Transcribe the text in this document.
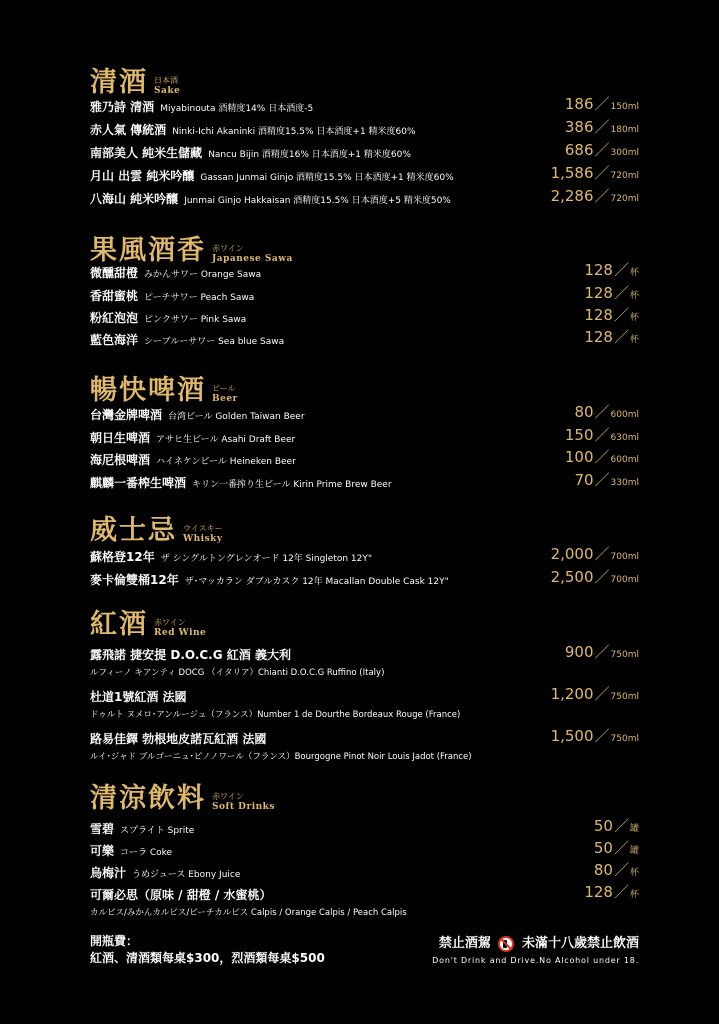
清酒 日本酒
Sake
雅乃詩 清酒 Miyabinouta 酒精度14% 日本酒度-5	186／150ml
赤人氣 傳統酒 Ninki-Ichi Akaninki 酒精度15.5% 日本酒度+1 精米度60%	386／180ml
南部美人 純米生儲藏 Nancu Bijin 酒精度16% 日本酒度+1 精米度60%	686／300ml
月山 出雲 純米吟釀 Gassan Junmai Ginjo 酒精度15.5% 日本酒度+1 精米度60%	1,586／720ml
八海山 純米吟釀 Junmai Ginjo Hakkaisan 酒精度15.5% 日本酒度+5 精米度50%	2,286／720ml
果風酒香 赤ワイン
Japanese Sawa
微醺甜橙 みかんサワー Orange Sawa	128／杯
香甜蜜桃 ピーチサワー Peach Sawa	128／杯
粉紅泡泡 ピンクサワー Pink Sawa	128／杯
藍色海洋 シーブルーサワー Sea blue Sawa	128／杯
暢快啤酒 ビール
Beer
台灣金牌啤酒 台湾ビール Golden Taiwan Beer	80／600ml
朝日生啤酒 アサヒ生ビール Asahi Draft Beer	150／630ml
海尼根啤酒 ハイネケンビール Heineken Beer	100／600ml
麒麟一番榨生啤酒 キリン一番搾り生ビール Kirin Prime Brew Beer	70／330ml
威士忌 ウイスキー
Whisky
蘇格登12年 ザ シングルトングレンオード 12年 Singleton 12Y"	2,000／700ml
麥卡倫雙桶12年 ザ･マッカラン ダブルカスク 12年 Macallan Double Cask 12Y"	2,500／700ml
紅酒 赤ワイン
Red Wine
露飛諾 捷安提 D.O.C.G 紅酒 義大利
ルフィーノ キアンティ DOCG （イタリア）Chianti D.O.C.G Ruffino (Italy)
900／750ml
杜道1號紅酒 法國
ドゥルト ヌメロ･アンルージュ（フランス）Number 1 de Dourthe Bordeaux Rouge (France)
1,200／750ml
路易佳鐸 勃根地皮諾瓦紅酒 法國
ルイ･ジャド ブルゴーニュ･ピノノワール（フランス）Bourgogne Pinot Noir Louis Jadot (France)
1,500／750ml
清涼飲料 赤ワイン
Soft Drinks
雪碧 スプライト Sprite	50／罐
可樂 コーラ Coke	50／罐
烏梅汁 うめジュース Ebony Juice	80／杯
可爾必思（原味 / 甜橙 / 水蜜桃）
カルピス/みかんカルピス/ピーチカルピス Calpis / Orange Calpis / Peach Calpis
128／杯
開瓶費：
紅酒、清酒類每桌$300，烈酒類每桌$500
禁止酒駕 未滿十八歲禁止飲酒
Don't Drink and Drive.No Alcohol under 18.
